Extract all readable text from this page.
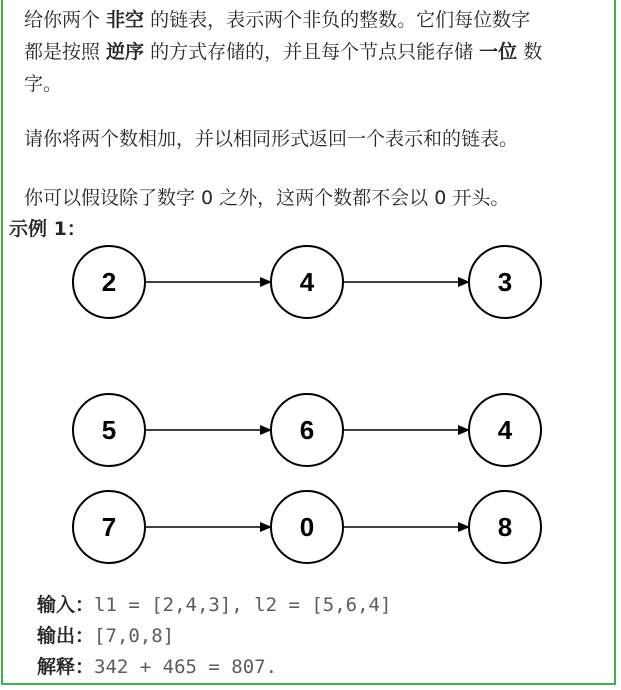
给你两个 非空 的链表，表示两个非负的整数。它们每位数字

都是按照 逆序 的方式存储的，并且每个节点只能存储 一位 数

字。

请你将两个数相加，并以相同形式返回一个表示和的链表。

你可以假设除了数字 0 之外，这两个数都不会以 0 开头。

示例 1：

2	4	3
5	6	4
7	0	8
输入：l1 = [2,4,3], l2 = [5,6,4]
输出：[7,0,8]
解释：342 + 465 = 807.
